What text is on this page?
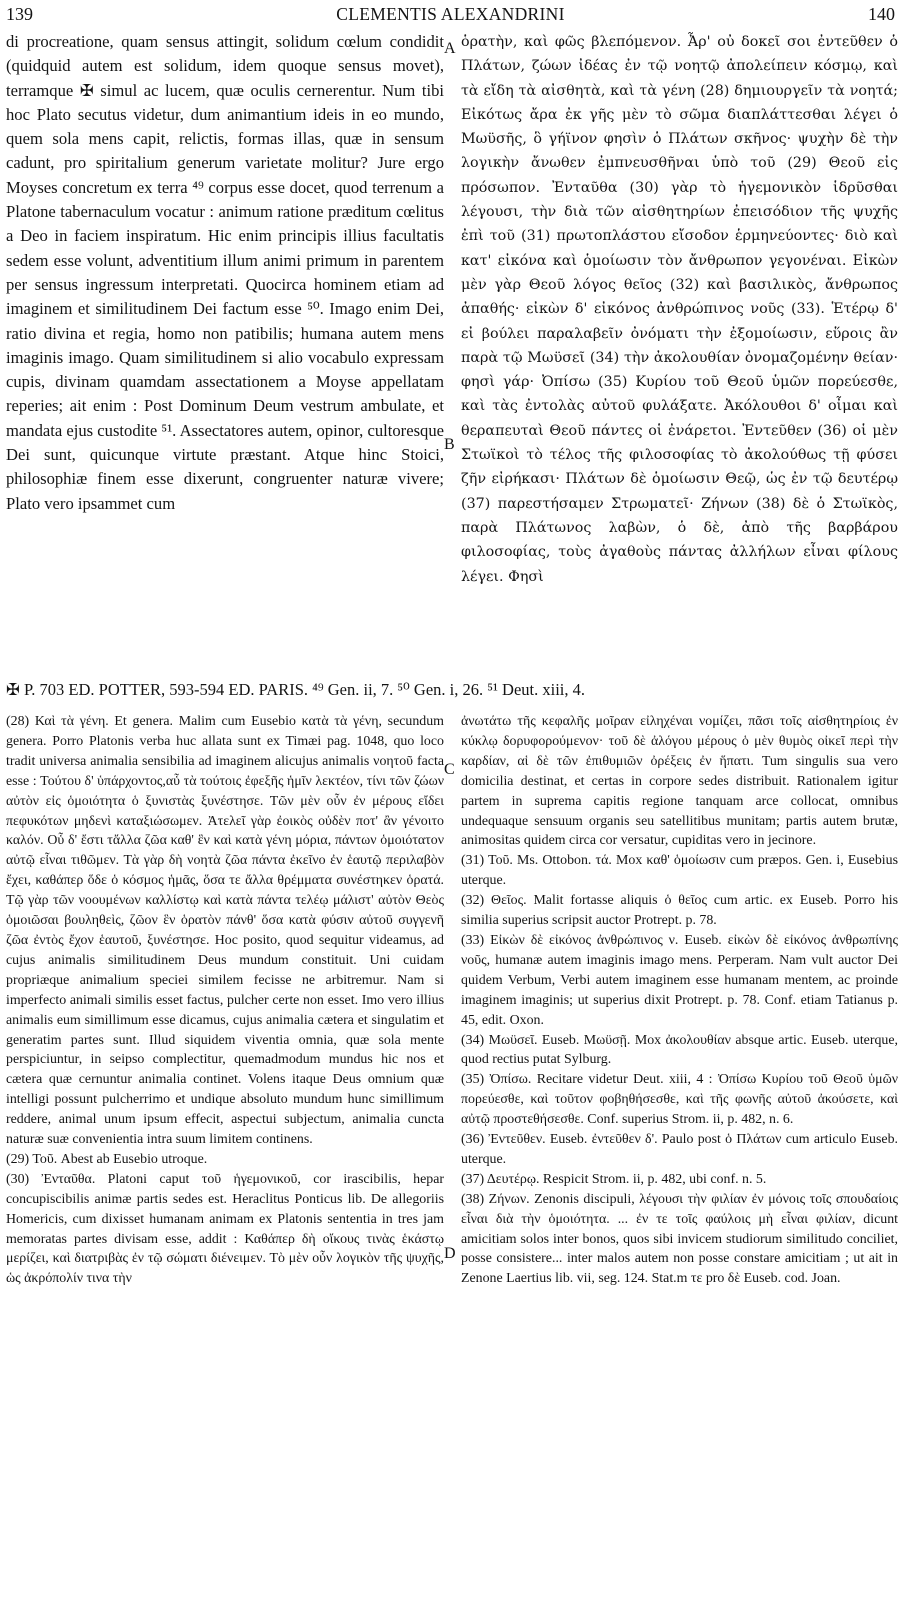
139	CLEMENTIS ALEXANDRINI	140

di procreatione, quam sensus attingit, solidum cœlum condidit (quidquid autem est solidum, idem quoque sensus movet), terramque ✠ simul ac lucem, quæ oculis cernerentur. Num tibi hoc Plato secutus videtur, dum animantium ideis in eo mundo, quem sola mens capit, relictis, formas illas, quæ in sensum cadunt, pro spiritalium generum varietate molitur? Jure ergo Moyses concretum ex terra ⁴⁹ corpus esse docet, quod terrenum a Platone tabernaculum vocatur : animum ratione præditum cœlitus a Deo in faciem inspiratum. Hic enim principis illius facultatis sedem esse volunt, adventitium illum animi primum in parentem per sensus ingressum interpretati. Quocirca hominem etiam ad imaginem et similitudinem Dei factum esse ⁵⁰. Imago enim Dei, ratio divina et regia, homo non patibilis; humana autem mens imaginis imago. Quam similitudinem si alio vocabulo expressam cupis, divinam quamdam assectationem a Moyse appellatam reperies; ait enim : Post Dominum Deum vestrum ambulate, et mandata ejus custodite ⁵¹. Assectatores autem, opinor, cultoresque Dei sunt, quicunque virtute præstant. Atque hinc Stoici, philosophiæ finem esse dixerunt, congruenter naturæ vivere; Plato vero ipsammet cum

A
B

ὁρατὴν, καὶ φῶς βλεπόμενον. Ἆρ' οὐ δοκεῖ σοι ἐντεῦθεν ὁ Πλάτων, ζώων ἰδέας ἐν τῷ νοητῷ ἀπολείπειν κόσμῳ, καὶ τὰ εἴδη τὰ αἰσθητὰ, καὶ τὰ γένη (28) δημιουργεῖν τὰ νοητά; Εἰκότως ἄρα ἐκ γῆς μὲν τὸ σῶμα διαπλάττεσθαι λέγει ὁ Μωϋσῆς, ὃ γήϊνον φησὶν ὁ Πλάτων σκῆνος· ψυχὴν δὲ τὴν λογικὴν ἄνωθεν ἐμπνευσθῆναι ὑπὸ τοῦ (29) Θεοῦ εἰς πρόσωπον. Ἐνταῦθα (30) γὰρ τὸ ἡγεμονικὸν ἱδρῦσθαι λέγουσι, τὴν διὰ τῶν αἰσθητηρίων ἐπεισόδιον τῆς ψυχῆς ἐπὶ τοῦ (31) πρωτοπλάστου εἴσοδον ἑρμηνεύοντες· διὸ καὶ κατ' εἰκόνα καὶ ὁμοίωσιν τὸν ἄνθρωπον γεγονέναι. Εἰκὼν μὲν γὰρ Θεοῦ λόγος θεῖος (32) καὶ βασιλικὸς, ἄνθρωπος ἀπαθής· εἰκὼν δ' εἰκόνος ἀνθρώπινος νοῦς (33). Ἑτέρῳ δ' εἰ βούλει παραλαβεῖν ὀνόματι τὴν ἐξομοίωσιν, εὕροις ἂν παρὰ τῷ Μωϋσεῖ (34) τὴν ἀκολουθίαν ὀνομαζομένην θείαν· φησὶ γάρ· Ὀπίσω (35) Κυρίου τοῦ Θεοῦ ὑμῶν πορεύεσθε, καὶ τὰς ἐντολὰς αὐτοῦ φυλάξατε. Ἀκόλουθοι δ' οἶμαι καὶ θεραπευταὶ Θεοῦ πάντες οἱ ἐνάρετοι. Ἐντεῦθεν (36) οἱ μὲν Στωϊκοὶ τὸ τέλος τῆς φιλοσοφίας τὸ ἀκολούθως τῇ φύσει ζῆν εἰρήκασι· Πλάτων δὲ ὁμοίωσιν Θεῷ, ὡς ἐν τῷ δευτέρῳ (37) παρεστήσαμεν Στρωματεῖ· Ζήνων (38) δὲ ὁ Στωϊκὸς, παρὰ Πλάτωνος λαβὼν, ὁ δὲ, ἀπὸ τῆς βαρβάρου φιλοσοφίας, τοὺς ἀγαθοὺς πάντας ἀλλήλων εἶναι φίλους λέγει. Φησὶ

✠ P. 703 ED. POTTER, 593-594 ED. PARIS. ⁴⁹ Gen. ii, 7. ⁵⁰ Gen. i, 26. ⁵¹ Deut. xiii, 4.
C
D

(28) Καὶ τὰ γένη. Et genera. Malim cum Eusebio κατὰ τὰ γένη, secundum genera. Porro Platonis verba huc allata sunt ex Timæi pag. 1048, quo loco tradit universa animalia sensibilia ad imaginem alicujus animalis νοητοῦ facta esse : Τούτου δ' ὑπάρχοντος,αὖ τὰ τούτοις ἐφεξῆς ἡμῖν λεκτέον, τίνι τῶν ζώων αὐτὸν εἰς ὁμοιότητα ὁ ξυνιστὰς ξυνέστησε. Τῶν μὲν οὖν ἐν μέρους εἴδει πεφυκότων μηδενὶ καταξιώσωμεν. Ἀτελεῖ γὰρ ἐοικὸς οὐδὲν ποτ' ἂν γένοιτο καλόν. Οὗ δ' ἔστι τἄλλα ζῶα καθ' ἓν καὶ κατὰ γένη μόρια, πάντων ὁμοιότατον αὐτῷ εἶναι τιθῶμεν. Τὰ γὰρ δὴ νοητὰ ζῶα πάντα ἐκεῖνο ἐν ἑαυτῷ περιλαβὸν ἔχει, καθάπερ ὅδε ὁ κόσμος ἡμᾶς, ὅσα τε ἄλλα θρέμματα συνέστηκεν ὁρατά. Τῷ γὰρ τῶν νοουμένων καλλίστῳ καὶ κατὰ πάντα τελέῳ μάλιστ' αὐτὸν Θεὸς ὁμοιῶσαι βουληθεὶς, ζῶον ἓν ὁρατὸν πάνθ' ὅσα κατὰ φύσιν αὐτοῦ συγγενῆ ζῶα ἐντὸς ἔχον ἑαυτοῦ, ξυνέστησε. Hoc posito, quod sequitur videamus, ad cujus animalis similitudinem Deus mundum constituit. Uni cuidam propriæque animalium speciei similem fecisse ne arbitremur. Nam si imperfecto animali similis esset factus, pulcher certe non esset. Imo vero illius animalis eum simillimum esse dicamus, cujus animalia cætera et singulatim et generatim partes sunt. Illud siquidem viventia omnia, quæ sola mente perspiciuntur, in seipso complectitur, quemadmodum mundus hic nos et cætera quæ cernuntur animalia continet. Volens itaque Deus omnium quæ intelligi possunt pulcherrimo et undique absoluto mundum hunc simillimum reddere, animal unum ipsum effecit, aspectui subjectum, animalia cuncta naturæ suæ convenientia intra suum limitem continens.

(29) Τοῦ. Abest ab Eusebio utroque.

(30) Ἐνταῦθα. Platoni caput τοῦ ἡγεμονικοῦ, cor irascibilis, hepar concupiscibilis animæ partis sedes est. Heraclitus Ponticus lib. De allegoriis Homericis, cum dixisset humanam animam ex Platonis sententia in tres jam memoratas partes divisam esse, addit : Καθάπερ δὴ οἴκους τινὰς ἑκάστῳ μερίζει, καὶ διατριβὰς ἐν τῷ σώματι διένειμεν. Τὸ μὲν οὖν λογικὸν τῆς ψυχῆς, ὡς ἀκρόπολίν τινα τὴν

ἀνωτάτω τῆς κεφαλῆς μοῖραν εἰληχέναι νομίζει, πᾶσι τοῖς αἰσθητηρίοις ἐν κύκλῳ δορυφορούμενον· τοῦ δὲ ἀλόγου μέρους ὁ μὲν θυμὸς οἰκεῖ περὶ τὴν καρδίαν, αἱ δὲ τῶν ἐπιθυμιῶν ὀρέξεις ἐν ἥπατι. Tum singulis sua vero domicilia destinat, et certas in corpore sedes distribuit. Rationalem igitur partem in suprema capitis regione tanquam arce collocat, omnibus undequaque sensuum organis seu satellitibus munitam; partis autem brutæ, animositas quidem circa cor versatur, cupiditas vero in jecinore.

(31) Τοῦ. Ms. Ottobon. τά. Mox καθ' ὁμοίωσιν cum præpos. Gen. i, Eusebius uterque.

(32) Θεῖος. Malit fortasse aliquis ὁ θεῖος cum artic. ex Euseb. Porro his similia superius scripsit auctor Protrept. p. 78.

(33) Εἰκὼν δὲ εἰκόνος ἀνθρώπινος ν. Euseb. εἰκὼν δὲ εἰκόνος ἀνθρωπίνης νοῦς, humanæ autem imaginis imago mens. Perperam. Nam vult auctor Dei quidem Verbum, Verbi autem imaginem esse humanam mentem, ac proinde imaginem imaginis; ut superius dixit Protrept. p. 78. Conf. etiam Tatianus p. 45, edit. Oxon.

(34) Μωϋσεῖ. Euseb. Μωϋσῇ. Mox ἀκολουθίαν absque artic. Euseb. uterque, quod rectius putat Sylburg.

(35) Ὀπίσω. Recitare videtur Deut. xiii, 4 : Ὀπίσω Κυρίου τοῦ Θεοῦ ὑμῶν πορεύεσθε, καὶ τοῦτον φοβηθήσεσθε, καὶ τῆς φωνῆς αὐτοῦ ἀκούσετε, καὶ αὐτῷ προστεθήσεσθε. Conf. superius Strom. ii, p. 482, n. 6.

(36) Ἐντεῦθεν. Euseb. ἐντεῦθεν δ'. Paulo post ὁ Πλάτων cum articulo Euseb. uterque.

(37) Δευτέρῳ. Respicit Strom. ii, p. 482, ubi conf. n. 5.

(38) Ζήνων. Zenonis discipuli, λέγουσι τὴν φιλίαν ἐν μόνοις τοῖς σπουδαίοις εἶναι διὰ τὴν ὁμοιότητα. ... ἐν τε τοῖς φαύλοις μὴ εἶναι φιλίαν, dicunt amicitiam solos inter bonos, quos sibi invicem studiorum similitudo conciliet, posse consistere... inter malos autem non posse constare amicitiam ; ut ait in Zenone Laertius lib. vii, seg. 124. Stat.m τε pro δὲ Euseb. cod. Joan.
